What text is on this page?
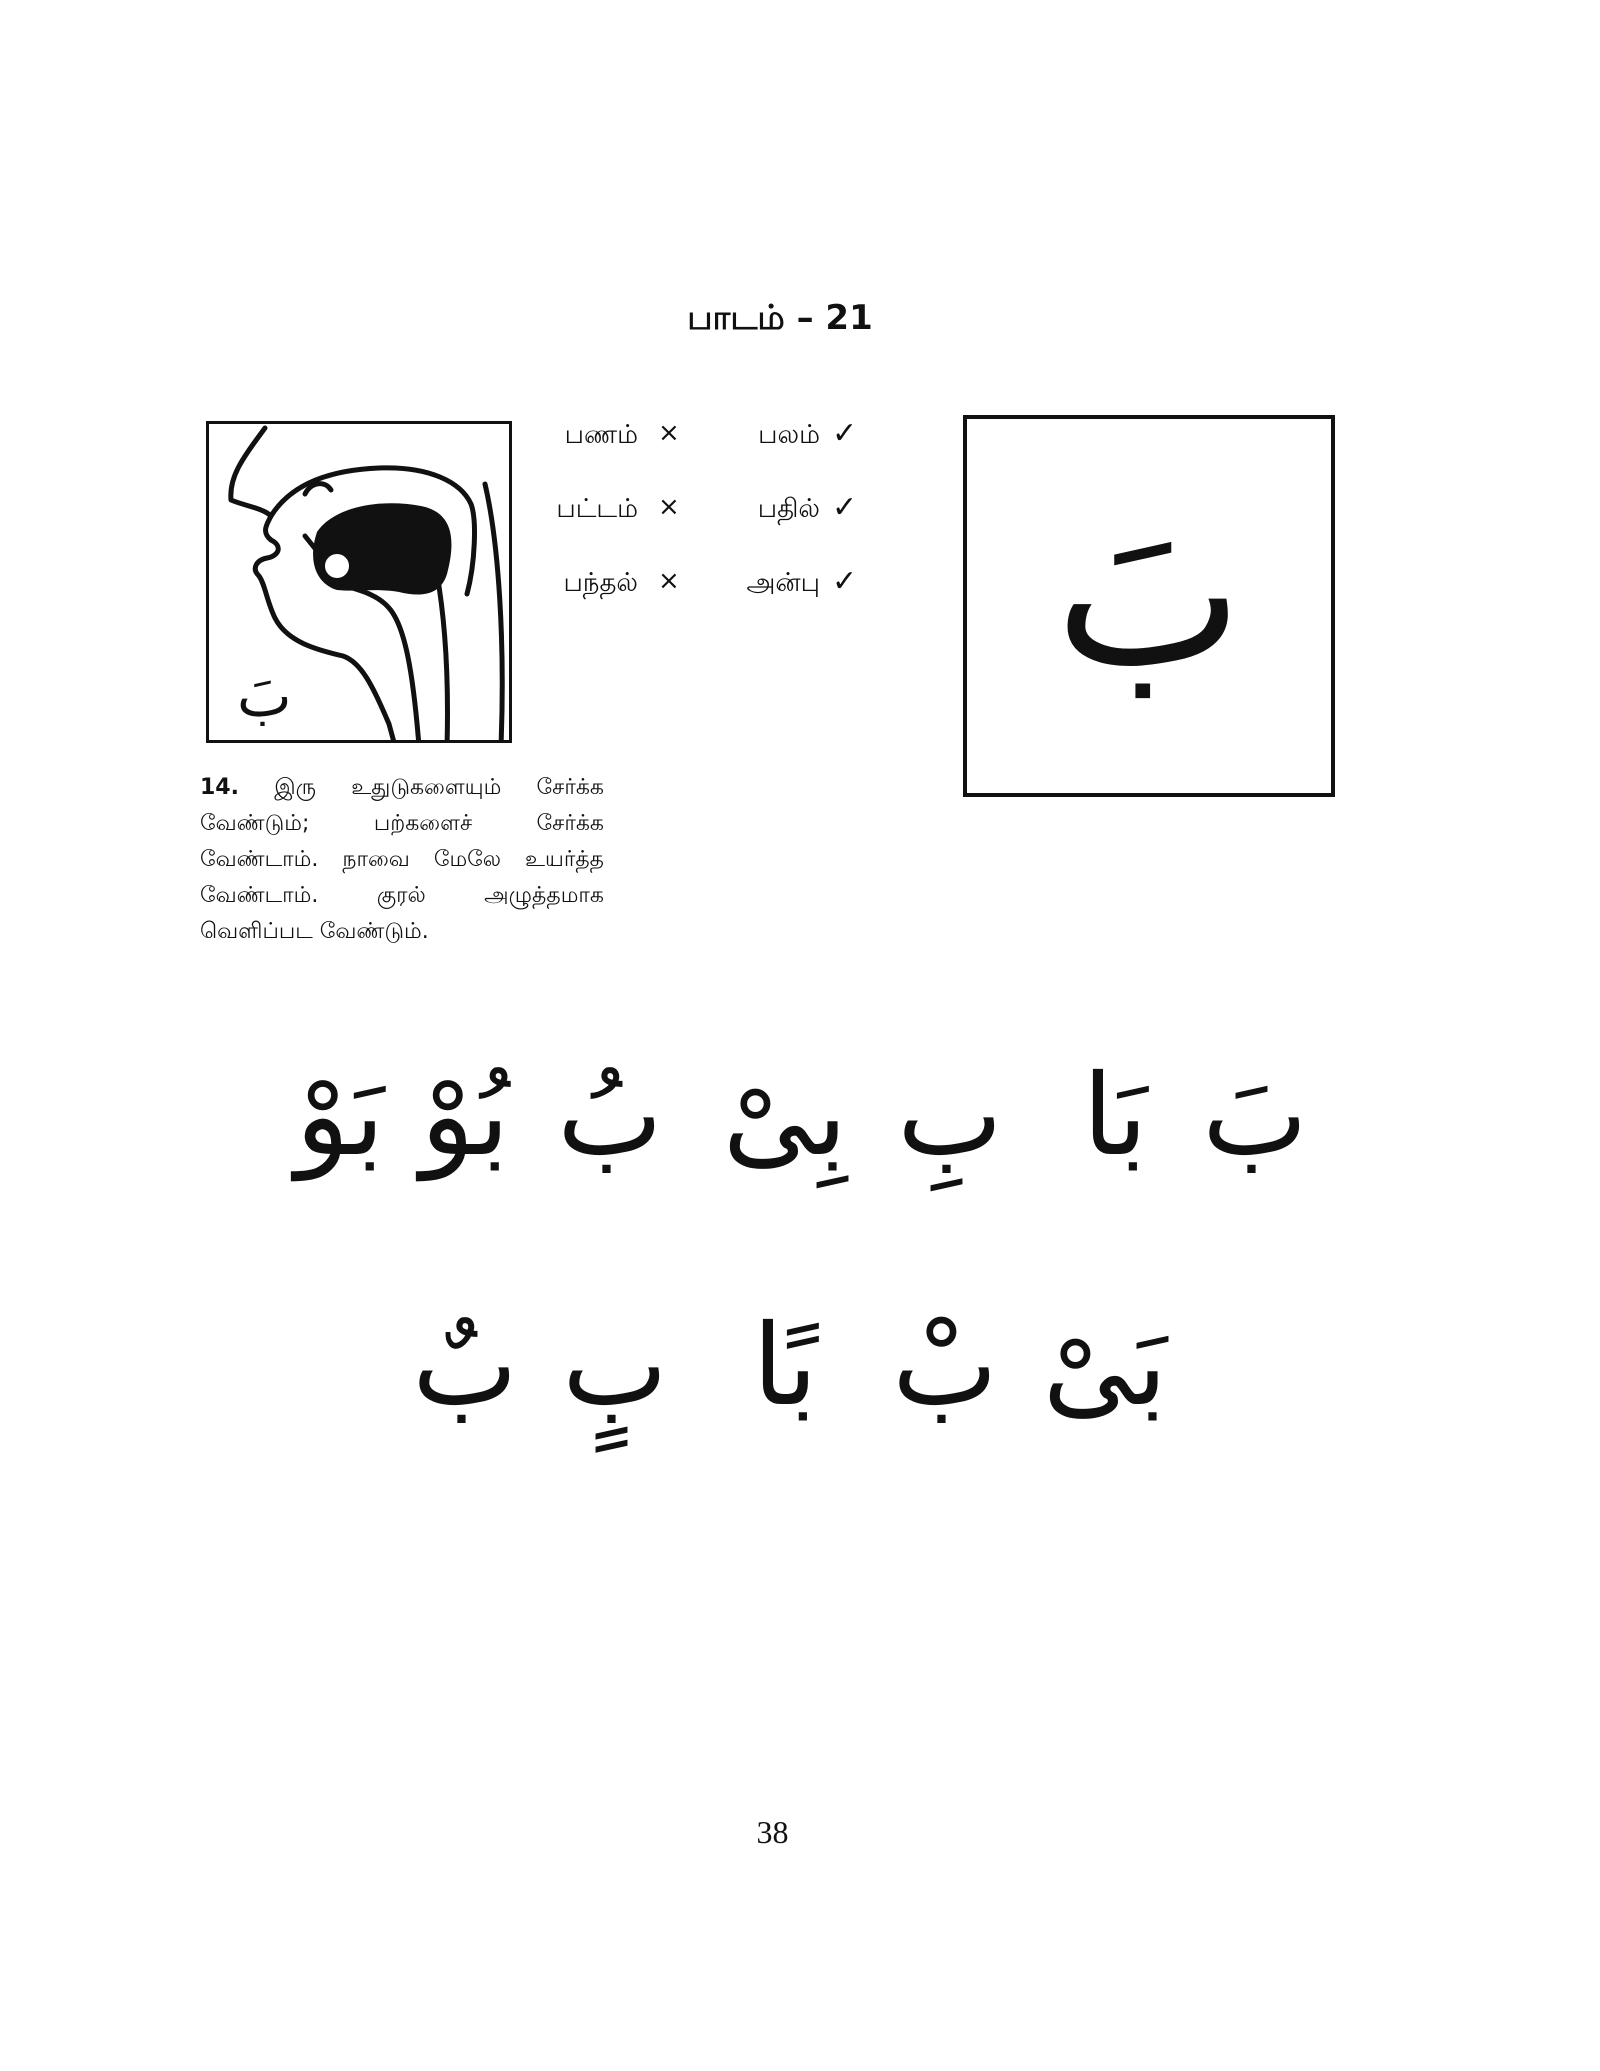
பாடம் – 21
بَ
பணம் ×	பலம் ✓
பட்டம் ×	பதில் ✓
பந்தல் ×	அன்பு ✓
14. இரு உதுடுகளையும் சேர்க்க வேண்டும்; பற்களைச் சேர்க்க வேண்டாம். நாவை மேலே உயர்த்த வேண்டாம். குரல் அழுத்தமாக வெளிப்பட வேண்டும்.
بَ
بَ
بَا
بِ
بِیْ
بُ
بُوْ
بَوْ
بَیْ
بْ
بًا
بٍ
بٌ
38
